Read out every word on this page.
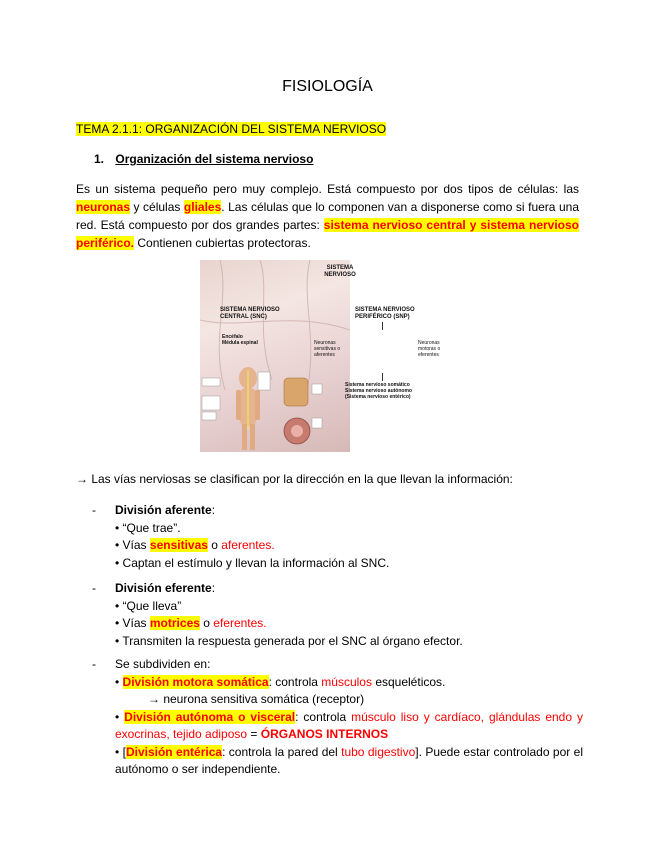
FISIOLOGÍA
TEMA 2.1.1: ORGANIZACIÓN DEL SISTEMA NERVIOSO
1. Organización del sistema nervioso
Es un sistema pequeño pero muy complejo. Está compuesto por dos tipos de células: las neuronas y células gliales. Las células que lo componen van a disponerse como si fuera una red. Está compuesto por dos grandes partes: sistema nervioso central y sistema nervioso periférico. Contienen cubiertas protectoras.
SISTEMA NERVIOSO
SISTEMA NERVIOSO CENTRAL (SNC)
Encéfalo
Médula espinal
SISTEMA NERVIOSO PERIFÉRICO (SNP)
Neuronas sensitivas o aferentes
Neuronas motoras o eferentes
Sistema nervioso somático
Sistema nervioso autónomo
(Sistema nervioso entérico)
→ Las vías nerviosas se clasifican por la dirección en la que llevan la información:
- División aferente:
• “Que trae”.
• Vías sensitivas o aferentes.
• Captan el estímulo y llevan la información al SNC.
- División eferente:
• “Que lleva”
• Vías motrices o eferentes.
• Transmiten la respuesta generada por el SNC al órgano efector.
- Se subdividen en:
• División motora somática: controla músculos esqueléticos.
→ neurona sensitiva somática (receptor)
• División autónoma o visceral: controla músculo liso y cardíaco, glándulas endo y exocrinas, tejido adiposo = ÓRGANOS INTERNOS
• [División entérica: controla la pared del tubo digestivo]. Puede estar controlado por el autónomo o ser independiente.
